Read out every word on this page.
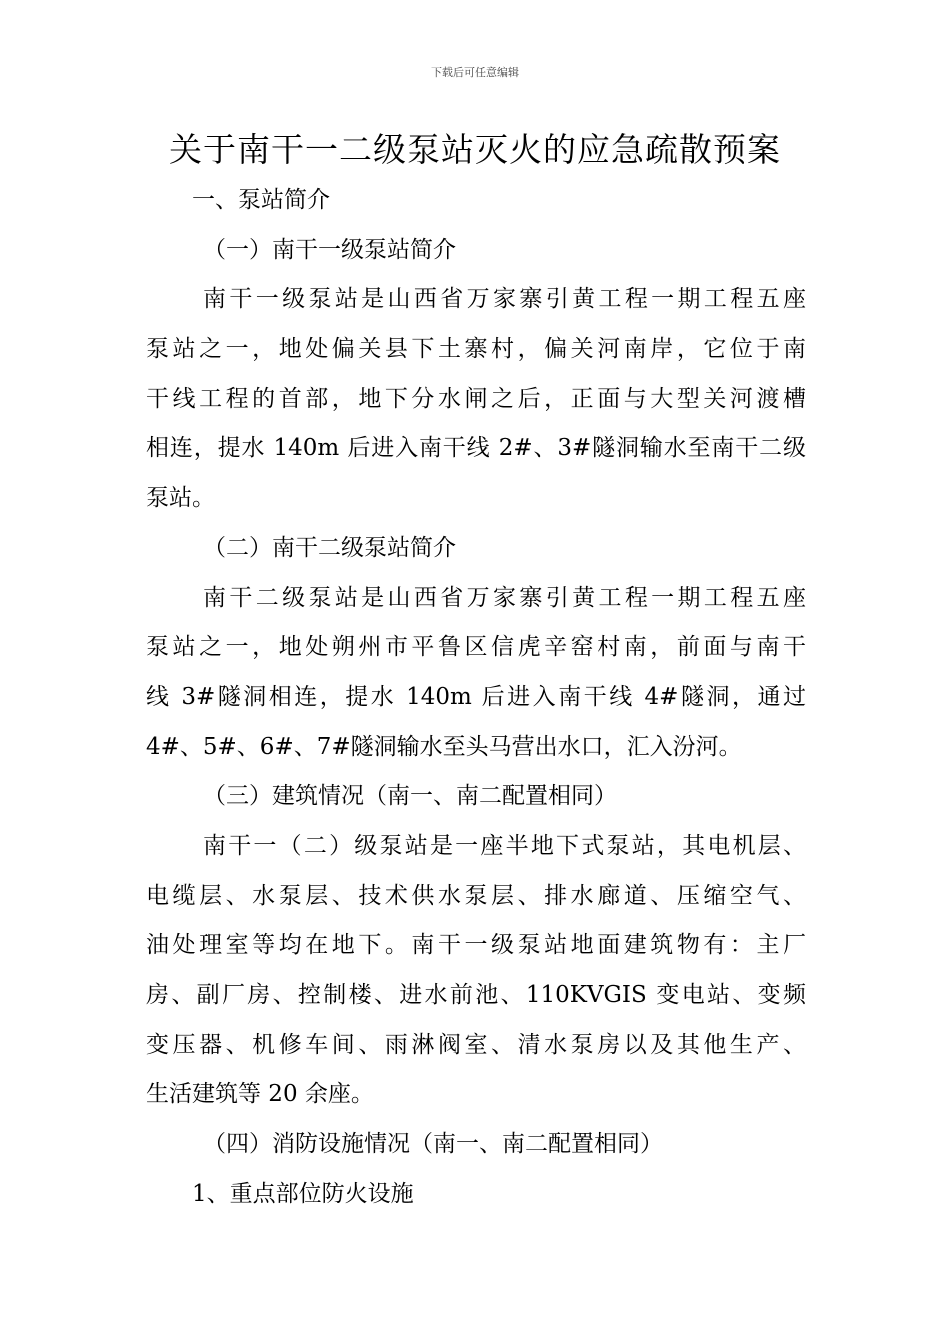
下载后可任意编辑
关于南干一二级泵站灭火的应急疏散预案
一、泵站简介
（一）南干一级泵站简介
南干一级泵站是山西省万家寨引黄工程一期工程五座
泵站之一，地处偏关县下土寨村，偏关河南岸，它位于南
干线工程的首部，地下分水闸之后，正面与大型关河渡槽
相连，提水 140m 后进入南干线 2#、3#隧洞输水至南干二级
泵站。
（二）南干二级泵站简介
南干二级泵站是山西省万家寨引黄工程一期工程五座
泵站之一，地处朔州市平鲁区信虎辛窑村南，前面与南干
线 3#隧洞相连，提水 140m 后进入南干线 4#隧洞，通过
4#、5#、6#、7#隧洞输水至头马营出水口，汇入汾河。
（三）建筑情况（南一、南二配置相同）
南干一（二）级泵站是一座半地下式泵站，其电机层、
电缆层、水泵层、技术供水泵层、排水廊道、压缩空气、
油处理室等均在地下。南干一级泵站地面建筑物有：主厂
房、副厂房、控制楼、进水前池、110KVGIS 变电站、变频
变压器、机修车间、雨淋阀室、清水泵房以及其他生产、
生活建筑等 20 余座。
（四）消防设施情况（南一、南二配置相同）
1、重点部位防火设施
